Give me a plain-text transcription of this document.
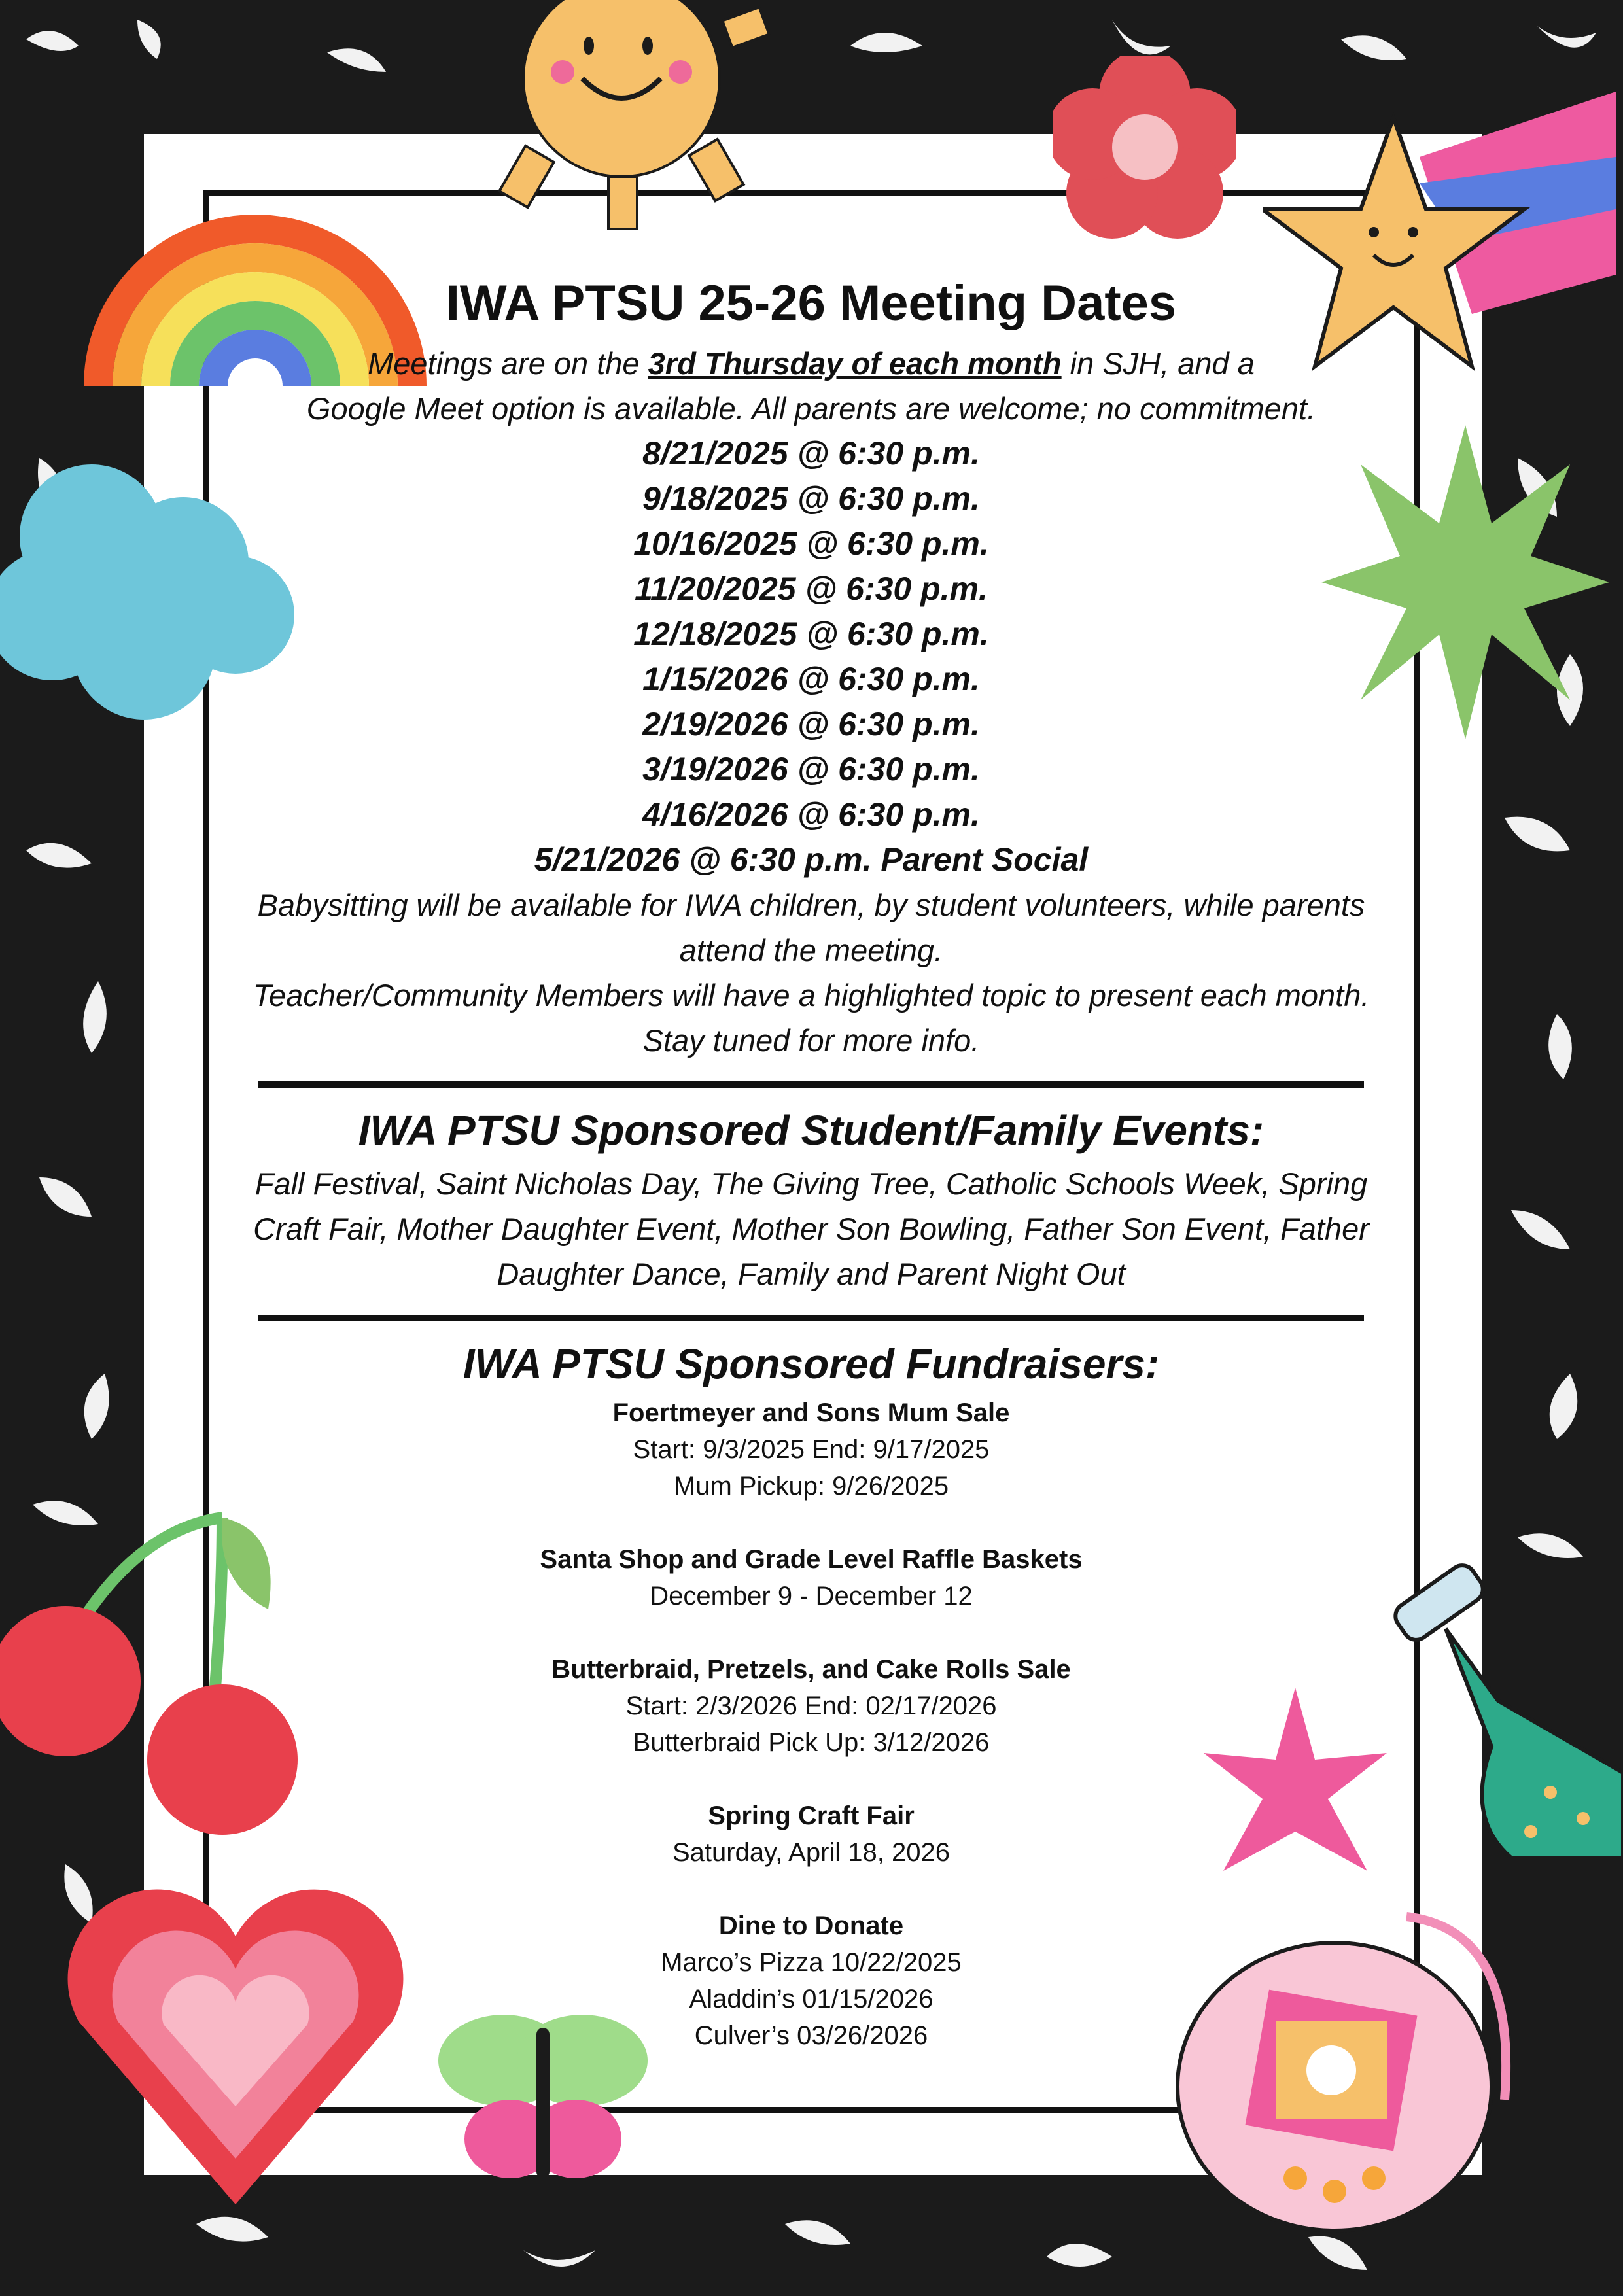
IWA PTSU 25-26 Meeting Dates

Meetings are on the 3rd Thursday of each month in SJH, and a

Google Meet option is available. All parents are welcome; no commitment.

8/21/2025 @ 6:30 p.m.
9/18/2025 @ 6:30 p.m.
10/16/2025 @ 6:30 p.m.
11/20/2025 @ 6:30 p.m.
12/18/2025 @ 6:30 p.m.
1/15/2026 @ 6:30 p.m.
2/19/2026 @ 6:30 p.m.
3/19/2026 @ 6:30 p.m.
4/16/2026 @ 6:30 p.m.
5/21/2026 @ 6:30 p.m. Parent Social

Babysitting will be available for IWA children, by student volunteers, while parents

attend the meeting.

Teacher/Community Members will have a highlighted topic to present each month.

Stay tuned for more info.

IWA PTSU Sponsored Student/Family Events:

Fall Festival, Saint Nicholas Day, The Giving Tree, Catholic Schools Week, Spring

Craft Fair, Mother Daughter Event, Mother Son Bowling, Father Son Event, Father

Daughter Dance, Family and Parent Night Out

IWA PTSU Sponsored Fundraisers:
Foertmeyer and Sons Mum Sale
Start: 9/3/2025 End: 9/17/2025
Mum Pickup: 9/26/2025
Santa Shop and Grade Level Raffle Baskets
December 9 - December 12
Butterbraid, Pretzels, and Cake Rolls Sale
Start: 2/3/2026 End: 02/17/2026
Butterbraid Pick Up: 3/12/2026
Spring Craft Fair
Saturday, April 18, 2026
Dine to Donate
Marco’s Pizza 10/22/2025
Aladdin’s 01/15/2026
Culver’s 03/26/2026
